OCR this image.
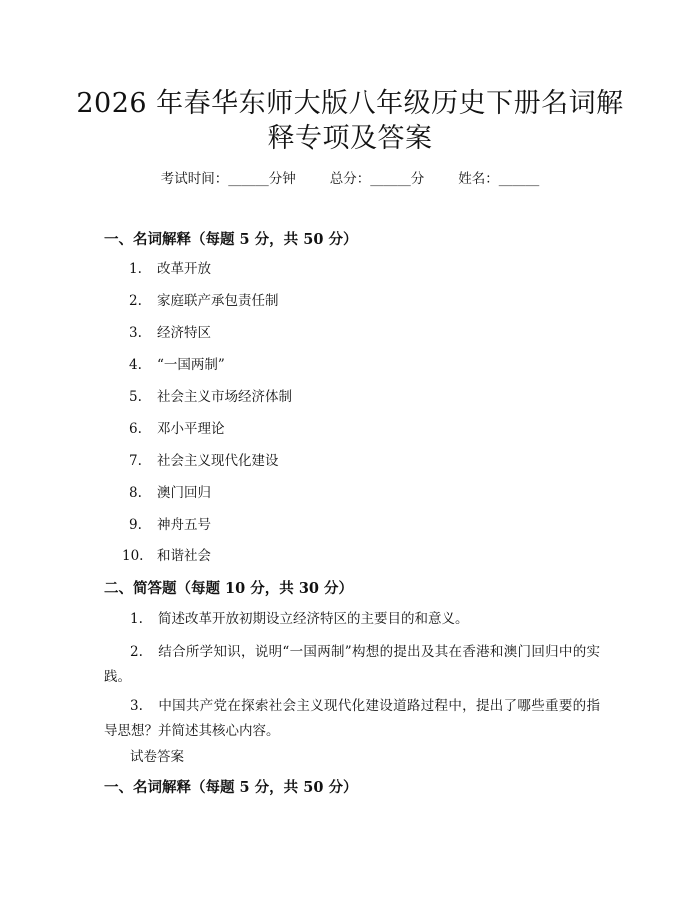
2026 年春华东师大版八年级历史下册名词解
释专项及答案
考试时间：______分钟	总分：______分	姓名：______
一、名词解释（每题 5 分，共 50 分）
1.	改革开放
2.	家庭联产承包责任制
3.	经济特区
4.	“一国两制”
5.	社会主义市场经济体制
6.	邓小平理论
7.	社会主义现代化建设
8.	澳门回归
9.	神舟五号
10. 和谐社会
二、简答题（每题 10 分，共 30 分）

1. 简述改革开放初期设立经济特区的主要目的和意义。

2. 结合所学知识，说明“一国两制”构想的提出及其在香港和澳门回归中的实践。

3. 中国共产党在探索社会主义现代化建设道路过程中，提出了哪些重要的指导思想？并简述其核心内容。

试卷答案

一、名词解释（每题 5 分，共 50 分）
